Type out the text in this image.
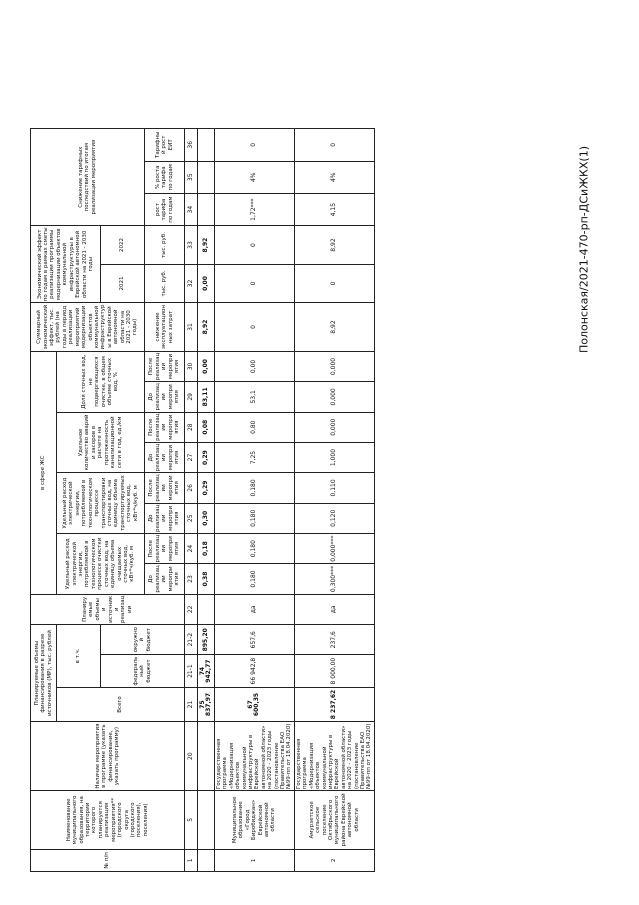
Полонская/2021-470-рп-ДСиЖКХ(1)
№ п/п	Наименование муниципального образования, на территории которого планируется реализация мероприятия** (городского округа (городского поселения), поселения)	Наличие мероприятия в программе (указать финансирование, указать программу)	Планируемые объемы финансирования в разрезе источников (МР), тыс. рублей			Планируемые объемы и источники реализации	в сфере ЖС								Суммарный экономический эффект, тыс. рублей (на годы в период реализации мероприятий модернизации объектов коммунальной инфраструктуры в Еврейской автономной области на 2021 - 2030 годы)	Экономический эффект по годам в рамках сметы реализации программы модернизации объектов коммунальной инфраструктуры в Еврейской автономной области на 2021 - 2030 годы		Снижение тарифных последствий по итогам реализации мероприятия		
			Всего	в т.ч.			Удельный расход электрической энергии, потребляемой в технологическом процессе очистки сточных вод, на единицу объема очищаемых сточных вод, кВт*ч/куб. м		Удельный расход электрической энергии, потребляемой в технологическом процессе транспортировки сточных вод, на единицу объема транспортируемых сточных вод, кВт*ч/куб. м		Удельное количество аварий и засоров в расчете на протяженность канализационной сети в год, ед./км		Доля сточных вод, не подвергающихся очистке, в общем объеме сточных вод, %							
				федеральный бюджет	окружной бюджет											2021	2022			
							До реализации мероприятия	После реализации мероприятия	До реализации мероприятия	После реализации мероприятия	До реализации мероприятия	После реализации мероприятия	До реализации мероприятия	После реализации мероприятия	снижение эксплуатационных затрат	тыс. руб.	тыс. руб.	рост тарифа по годам	% роста тарифа по годам	Тарифный рост ЕИТ
1	5	20	21	21-1	21-2	22	23	24	25	26	27	28	29	30	31	32	33	34	35	36
			75 837,97	74 942,77	895,20		0,38	0,18	0,30	0,29	0,29	0,08	83,11	0,00	8,92	0,00	8,92			
1	Муниципальное образование «Город Биробиджан» Еврейской автономной области	Государственная программа «Модернизация объектов коммунальной инфраструктуры в Еврейской автономной области» на 2020 - 2023 годы (постановление Правительства ЕАО №99-пп от 18.04.2020)	67 600,35	66 942,8	657,6	да	0,180	0,180	0,180	0,180	7,25	0,80	53,1	0,00	0	0	0	1,72***	4%	0
2	Амурзетское сельское поселение Октябрьского муниципального района Еврейской автономной области	Государственная программа «Модернизация объектов коммунальной инфраструктуры в Еврейской автономной области» на 2020 - 2023 годы (постановление Правительства ЕАО №99-пп от 18.04.2020)	8 237,62	8 000,00	237,6	да	0,300***	0,000***	0,120	0,110	1,000	0,000	0,000	0,000	8,92	0	8,92	4,15	4%	0
